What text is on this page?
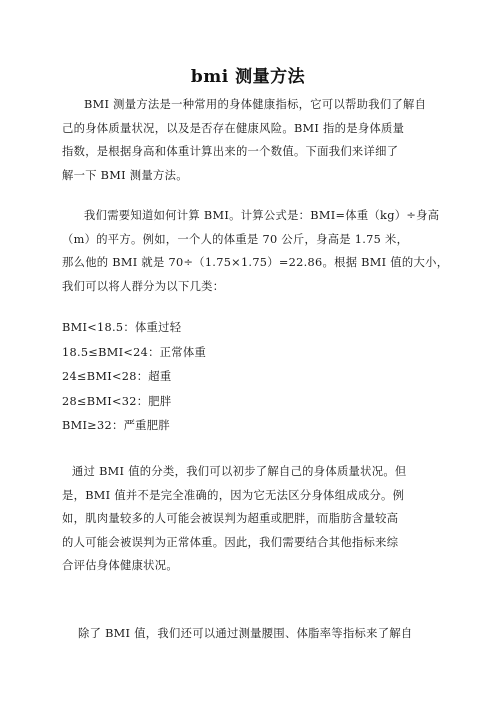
bmi 测量方法

BMI 测量方法是一种常用的身体健康指标，它可以帮助我们了解自
己的身体质量状况，以及是否存在健康风险。BMI 指的是身体质量
指数，是根据身高和体重计算出来的一个数值。下面我们来详细了
解一下 BMI 测量方法。

我们需要知道如何计算 BMI。计算公式是：BMI=体重（kg）÷身高
（m）的平方。例如，一个人的体重是 70 公斤，身高是 1.75 米，
那么他的 BMI 就是 70÷（1.75×1.75）=22.86。根据 BMI 值的大小，
我们可以将人群分为以下几类：

BMI<18.5：体重过轻
18.5≤BMI<24：正常体重
24≤BMI<28：超重
28≤BMI<32：肥胖
BMI≥32：严重肥胖

通过 BMI 值的分类，我们可以初步了解自己的身体质量状况。但
是，BMI 值并不是完全准确的，因为它无法区分身体组成成分。例
如，肌肉量较多的人可能会被误判为超重或肥胖，而脂肪含量较高
的人可能会被误判为正常体重。因此，我们需要结合其他指标来综
合评估身体健康状况。

除了 BMI 值，我们还可以通过测量腰围、体脂率等指标来了解自
